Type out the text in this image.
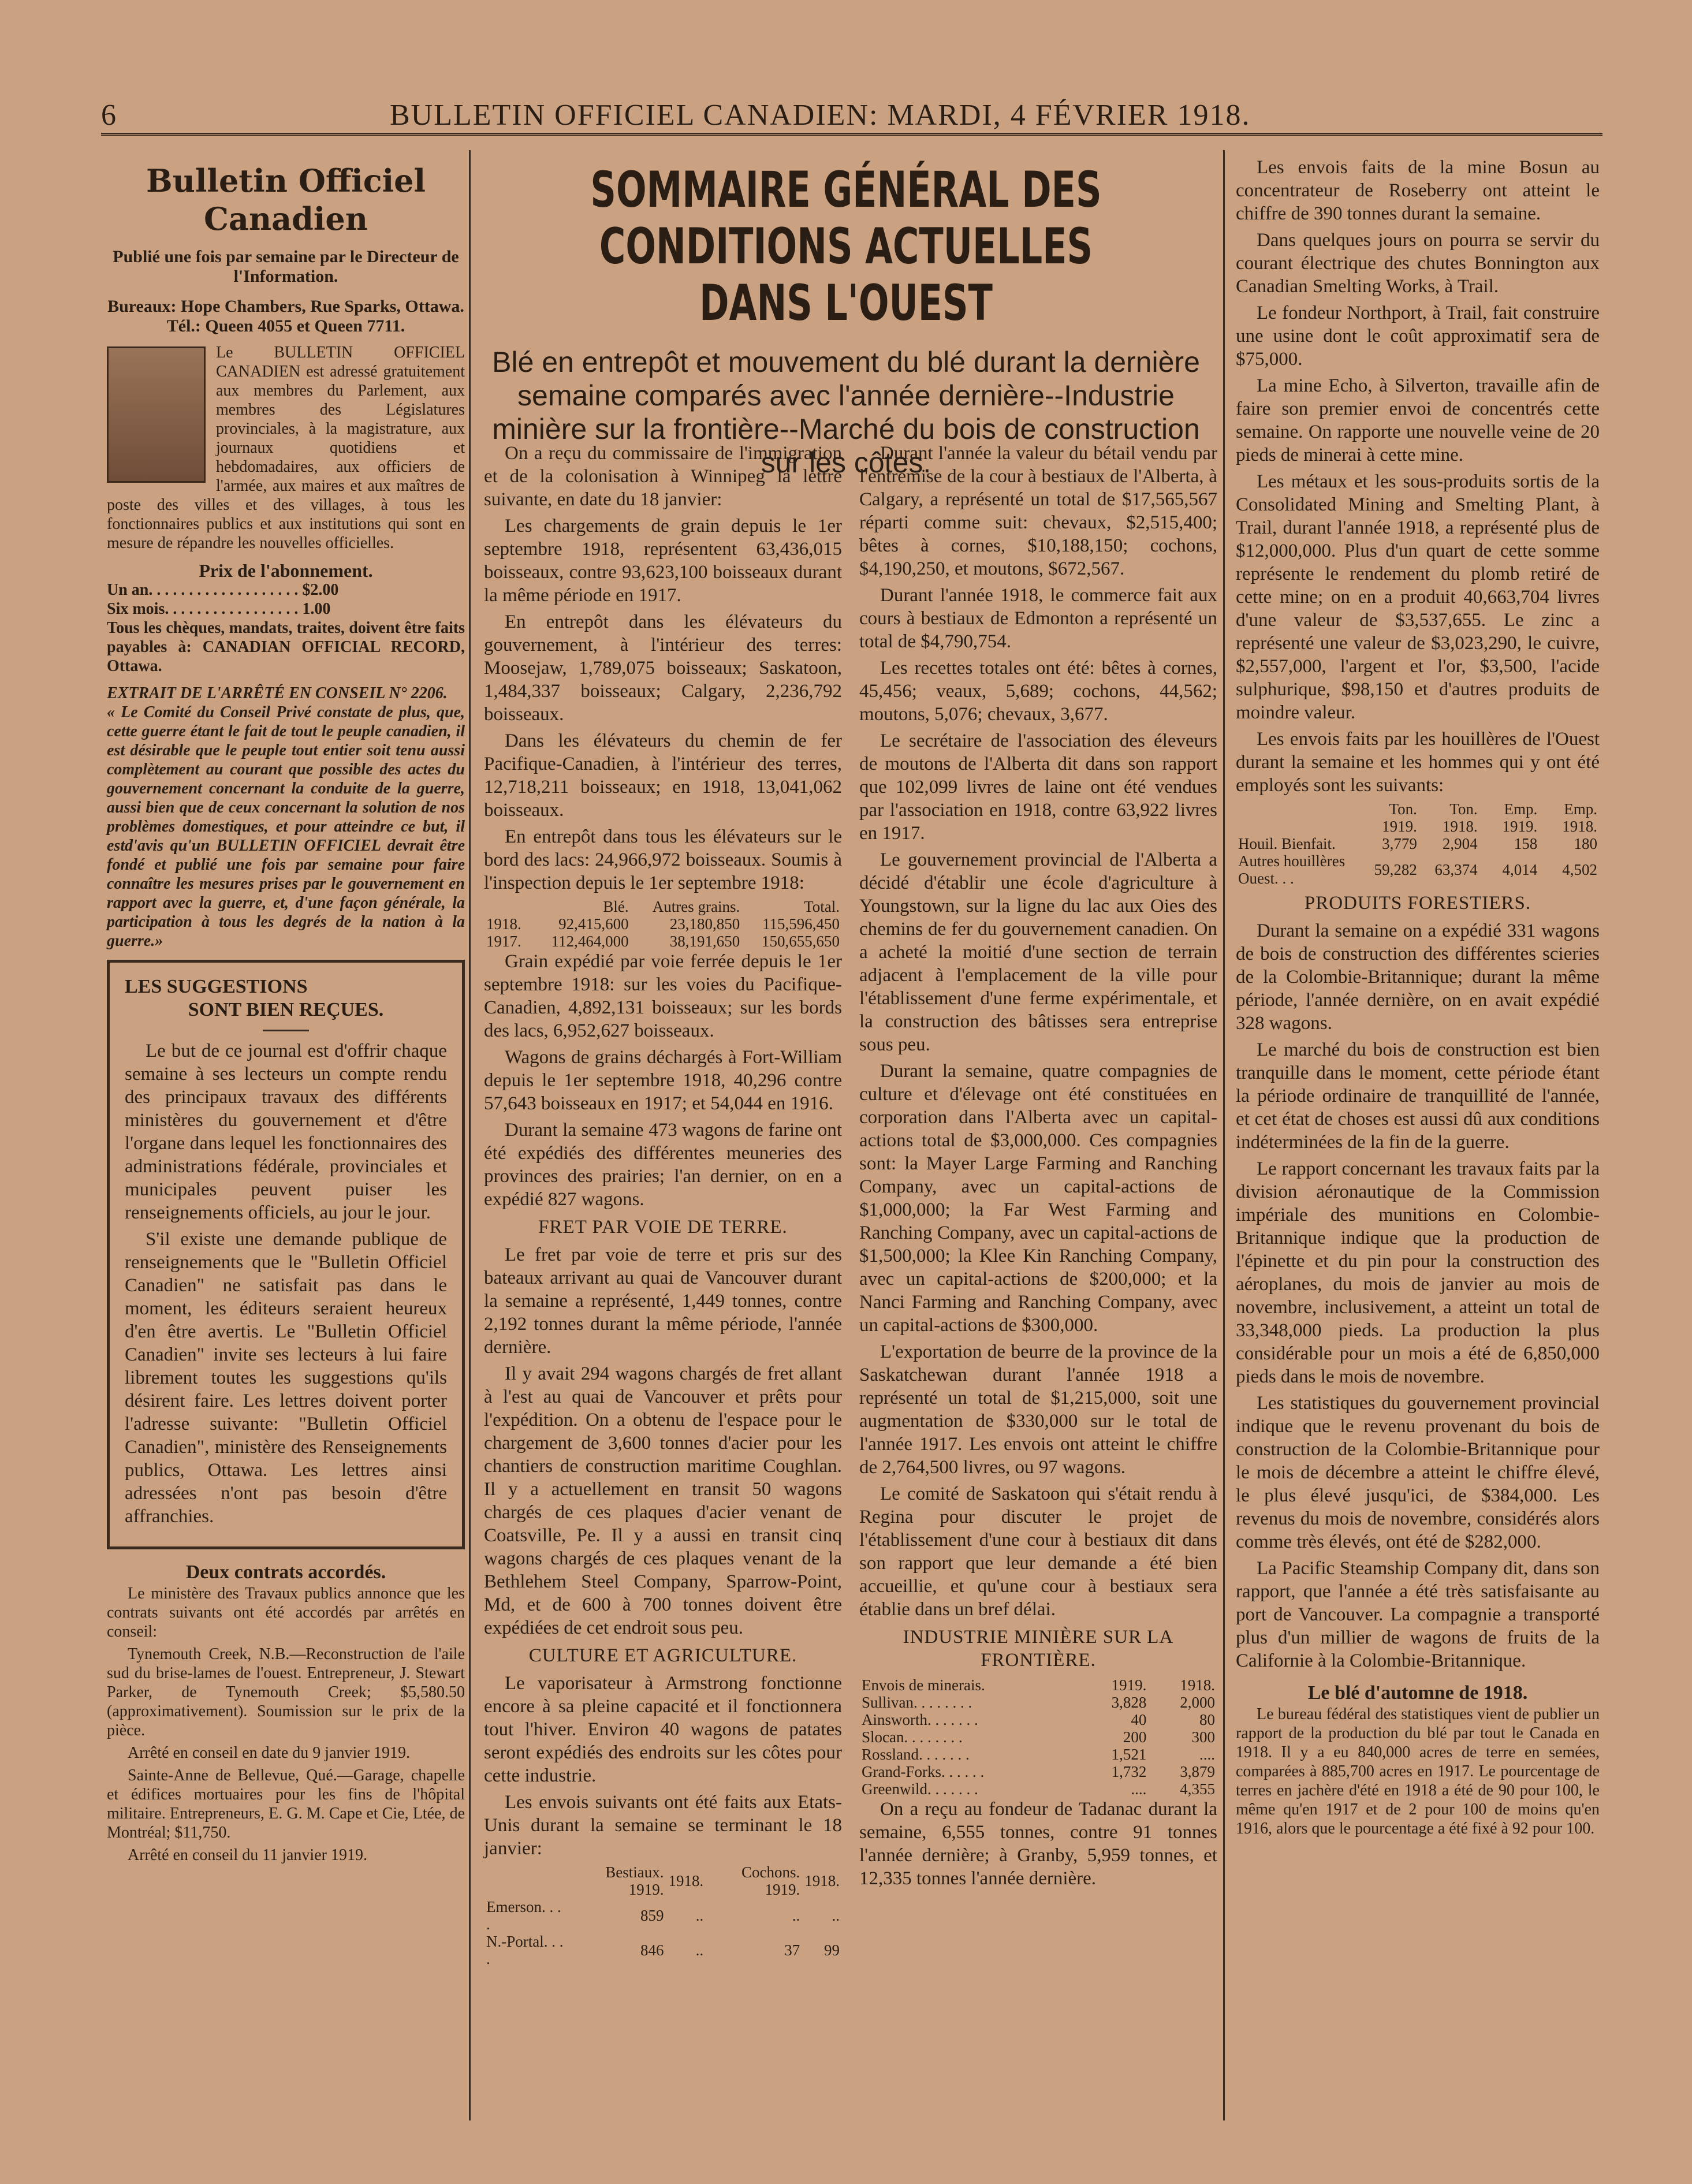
6	BULLETIN OFFICIEL CANADIEN: MARDI, 4 FÉVRIER 1918.
Bulletin Officiel Canadien
Publié une fois par semaine par le Directeur de l'Information.
Bureaux: Hope Chambers, Rue Sparks, Ottawa.
Tél.: Queen 4055 et Queen 7711.
Le BULLETIN OFFICIEL CANADIEN est adressé gratuitement aux membres du Parlement, aux membres des Législatures provinciales, à la magistrature, aux journaux quotidiens et hebdomadaires, aux officiers de l'armée, aux maires et aux maîtres de poste des villes et des villages, à tous les fonctionnaires publics et aux institutions qui sont en mesure de répandre les nouvelles officielles.
Prix de l'abonnement.
Un an. . . . . . . . . . . . . . . . . . . $2.00
Six mois. . . . . . . . . . . . . . . . . 1.00
Tous les chèques, mandats, traites, doivent être faits payables à: CANADIAN OFFICIAL RECORD, Ottawa.
EXTRAIT DE L'ARRÊTÉ EN CONSEIL N° 2206.
« Le Comité du Conseil Privé constate de plus, que, cette guerre étant le fait de tout le peuple canadien, il est désirable que le peuple tout entier soit tenu aussi complètement au courant que possible des actes du gouvernement concernant la conduite de la guerre, aussi bien que de ceux concernant la solution de nos problèmes domestiques, et pour atteindre ce but, il estd'avis qu'un BULLETIN OFFICIEL devrait être fondé et publié une fois par semaine pour faire connaître les mesures prises par le gouvernement en rapport avec la guerre, et, d'une façon générale, la participation à tous les degrés de la nation à la guerre.»
LES SUGGESTIONS
SONT BIEN REÇUES.

Le but de ce journal est d'offrir chaque semaine à ses lecteurs un compte rendu des principaux travaux des différents ministères du gouvernement et d'être l'organe dans lequel les fonctionnaires des administrations fédérale, provinciales et municipales peuvent puiser les renseignements officiels, au jour le jour.

S'il existe une demande publique de renseignements que le "Bulletin Officiel Canadien" ne satisfait pas dans le moment, les éditeurs seraient heureux d'en être avertis. Le "Bulletin Officiel Canadien" invite ses lecteurs à lui faire librement toutes les suggestions qu'ils désirent faire. Les lettres doivent porter l'adresse suivante: "Bulletin Officiel Canadien", ministère des Renseignements publics, Ottawa. Les lettres ainsi adressées n'ont pas besoin d'être affranchies.

Deux contrats accordés.

Le ministère des Travaux publics annonce que les contrats suivants ont été accordés par arrêtés en conseil:

Tynemouth Creek, N.B.—Reconstruction de l'aile sud du brise-lames de l'ouest. Entrepreneur, J. Stewart Parker, de Tynemouth Creek; $5,580.50 (approximativement). Soumission sur le prix de la pièce.

Arrêté en conseil en date du 9 janvier 1919.

Sainte-Anne de Bellevue, Qué.—Garage, chapelle et édifices mortuaires pour les fins de l'hôpital militaire. Entrepreneurs, E. G. M. Cape et Cie, Ltée, de Montréal; $11,750.

Arrêté en conseil du 11 janvier 1919.

SOMMAIRE GÉNÉRAL DES CONDITIONS ACTUELLES DANS L'OUEST
Blé en entrepôt et mouvement du blé durant la dernière semaine comparés avec l'année dernière--Industrie minière sur la frontière--Marché du bois de construction sur les côtes.

On a reçu du commissaire de l'immigration et de la colonisation à Winnipeg la lettre suivante, en date du 18 janvier:

Les chargements de grain depuis le 1er septembre 1918, représentent 63,436,015 boisseaux, contre 93,623,100 boisseaux durant la même période en 1917.

En entrepôt dans les élévateurs du gouvernement, à l'intérieur des terres: Moosejaw, 1,789,075 boisseaux; Saskatoon, 1,484,337 boisseaux; Calgary, 2,236,792 boisseaux.

Dans les élévateurs du chemin de fer Pacifique-Canadien, à l'intérieur des terres, 12,718,211 boisseaux; en 1918, 13,041,062 boisseaux.

En entrepôt dans tous les élévateurs sur le bord des lacs: 24,966,972 boisseaux. Soumis à l'inspection depuis le 1er septembre 1918:

	Blé.	Autres grains.	Total.
1918.	92,415,600	23,180,850	115,596,450
1917.	112,464,000	38,191,650	150,655,650

Grain expédié par voie ferrée depuis le 1er septembre 1918: sur les voies du Pacifique-Canadien, 4,892,131 boisseaux; sur les bords des lacs, 6,952,627 boisseaux.

Wagons de grains déchargés à Fort-William depuis le 1er septembre 1918, 40,296 contre 57,643 boisseaux en 1917; et 54,044 en 1916.

Durant la semaine 473 wagons de farine ont été expédiés des différentes meuneries des provinces des prairies; l'an dernier, on en a expédié 827 wagons.

FRET PAR VOIE DE TERRE.

Le fret par voie de terre et pris sur des bateaux arrivant au quai de Vancouver durant la semaine a représenté, 1,449 tonnes, contre 2,192 tonnes durant la même période, l'année dernière.

Il y avait 294 wagons chargés de fret allant à l'est au quai de Vancouver et prêts pour l'expédition. On a obtenu de l'espace pour le chargement de 3,600 tonnes d'acier pour les chantiers de construction maritime Coughlan. Il y a actuellement en transit 50 wagons chargés de ces plaques d'acier venant de Coatsville, Pe. Il y a aussi en transit cinq wagons chargés de ces plaques venant de la Bethlehem Steel Company, Sparrow-Point, Md, et de 600 à 700 tonnes doivent être expédiées de cet endroit sous peu.

CULTURE ET AGRICULTURE.

Le vaporisateur à Armstrong fonctionne encore à sa pleine capacité et il fonctionnera tout l'hiver. Environ 40 wagons de patates seront expédiés des endroits sur les côtes pour cette industrie.

Les envois suivants ont été faits aux Etats-Unis durant la semaine se terminant le 18 janvier:

	Bestiaux. 1919.	1918.	Cochons. 1919.	1918.
Emerson. . . .	859	..	..	..
N.-Portal. . . .	846	..	37	99

Durant l'année la valeur du bétail vendu par l'entremise de la cour à bestiaux de l'Alberta, à Calgary, a représenté un total de $17,565,567 réparti comme suit: chevaux, $2,515,400; bêtes à cornes, $10,188,150; cochons, $4,190,250, et moutons, $672,567.

Durant l'année 1918, le commerce fait aux cours à bestiaux de Edmonton a représenté un total de $4,790,754.

Les recettes totales ont été: bêtes à cornes, 45,456; veaux, 5,689; cochons, 44,562; moutons, 5,076; chevaux, 3,677.

Le secrétaire de l'association des éleveurs de moutons de l'Alberta dit dans son rapport que 102,099 livres de laine ont été vendues par l'association en 1918, contre 63,922 livres en 1917.

Le gouvernement provincial de l'Alberta a décidé d'établir une école d'agriculture à Youngstown, sur la ligne du lac aux Oies des chemins de fer du gouvernement canadien. On a acheté la moitié d'une section de terrain adjacent à l'emplacement de la ville pour l'établissement d'une ferme expérimentale, et la construction des bâtisses sera entreprise sous peu.

Durant la semaine, quatre compagnies de culture et d'élevage ont été constituées en corporation dans l'Alberta avec un capital-actions total de $3,000,000. Ces compagnies sont: la Mayer Large Farming and Ranching Company, avec un capital-actions de $1,000,000; la Far West Farming and Ranching Company, avec un capital-actions de $1,500,000; la Klee Kin Ranching Company, avec un capital-actions de $200,000; et la Nanci Farming and Ranching Company, avec un capital-actions de $300,000.

L'exportation de beurre de la province de la Saskatchewan durant l'année 1918 a représenté un total de $1,215,000, soit une augmentation de $330,000 sur le total de l'année 1917. Les envois ont atteint le chiffre de 2,764,500 livres, ou 97 wagons.

Le comité de Saskatoon qui s'était rendu à Regina pour discuter le projet de l'établissement d'une cour à bestiaux dit dans son rapport que leur demande a été bien accueillie, et qu'une cour à bestiaux sera établie dans un bref délai.

INDUSTRIE MINIÈRE SUR LA FRONTIÈRE.
Envois de minerais.	1919.	1918.
Sullivan. . . . . . . .	3,828	2,000
Ainsworth. . . . . . .	40	80
Slocan. . . . . . . .	200	300
Rossland. . . . . . .	1,521	....
Grand-Forks. . . . . .	1,732	3,879
Greenwild. . . . . . .	....	4,355

On a reçu au fondeur de Tadanac durant la semaine, 6,555 tonnes, contre 91 tonnes l'année dernière; à Granby, 5,959 tonnes, et 12,335 tonnes l'année dernière.

Les envois faits de la mine Bosun au concentrateur de Roseberry ont atteint le chiffre de 390 tonnes durant la semaine.

Dans quelques jours on pourra se servir du courant électrique des chutes Bonnington aux Canadian Smelting Works, à Trail.

Le fondeur Northport, à Trail, fait construire une usine dont le coût approximatif sera de $75,000.

La mine Echo, à Silverton, travaille afin de faire son premier envoi de concentrés cette semaine. On rapporte une nouvelle veine de 20 pieds de minerai à cette mine.

Les métaux et les sous-produits sortis de la Consolidated Mining and Smelting Plant, à Trail, durant l'année 1918, a représenté plus de $12,000,000. Plus d'un quart de cette somme représente le rendement du plomb retiré de cette mine; on en a produit 40,663,704 livres d'une valeur de $3,537,655. Le zinc a représenté une valeur de $3,023,290, le cuivre, $2,557,000, l'argent et l'or, $3,500, l'acide sulphurique, $98,150 et d'autres produits de moindre valeur.

Les envois faits par les houillères de l'Ouest durant la semaine et les hommes qui y ont été employés sont les suivants:

	Ton. 1919.	Ton. 1918.	Emp. 1919.	Emp. 1918.
Houil. Bienfait.	3,779	2,904	158	180
Autres houillères Ouest. . .	59,282	63,374	4,014	4,502
PRODUITS FORESTIERS.

Durant la semaine on a expédié 331 wagons de bois de construction des différentes scieries de la Colombie-Britannique; durant la même période, l'année dernière, on en avait expédié 328 wagons.

Le marché du bois de construction est bien tranquille dans le moment, cette période étant la période ordinaire de tranquillité de l'année, et cet état de choses est aussi dû aux conditions indéterminées de la fin de la guerre.

Le rapport concernant les travaux faits par la division aéronautique de la Commission impériale des munitions en Colombie-Britannique indique que la production de l'épinette et du pin pour la construction des aéroplanes, du mois de janvier au mois de novembre, inclusivement, a atteint un total de 33,348,000 pieds. La production la plus considérable pour un mois a été de 6,850,000 pieds dans le mois de novembre.

Les statistiques du gouvernement provincial indique que le revenu provenant du bois de construction de la Colombie-Britannique pour le mois de décembre a atteint le chiffre élevé, le plus élevé jusqu'ici, de $384,000. Les revenus du mois de novembre, considérés alors comme très élevés, ont été de $282,000.

La Pacific Steamship Company dit, dans son rapport, que l'année a été très satisfaisante au port de Vancouver. La compagnie a transporté plus d'un millier de wagons de fruits de la Californie à la Colombie-Britannique.

Le blé d'automne de 1918.

Le bureau fédéral des statistiques vient de publier un rapport de la production du blé par tout le Canada en 1918. Il y a eu 840,000 acres de terre en semées, comparées à 885,700 acres en 1917. Le pourcentage de terres en jachère d'été en 1918 a été de 90 pour 100, le même qu'en 1917 et de 2 pour 100 de moins qu'en 1916, alors que le pourcentage a été fixé à 92 pour 100.
